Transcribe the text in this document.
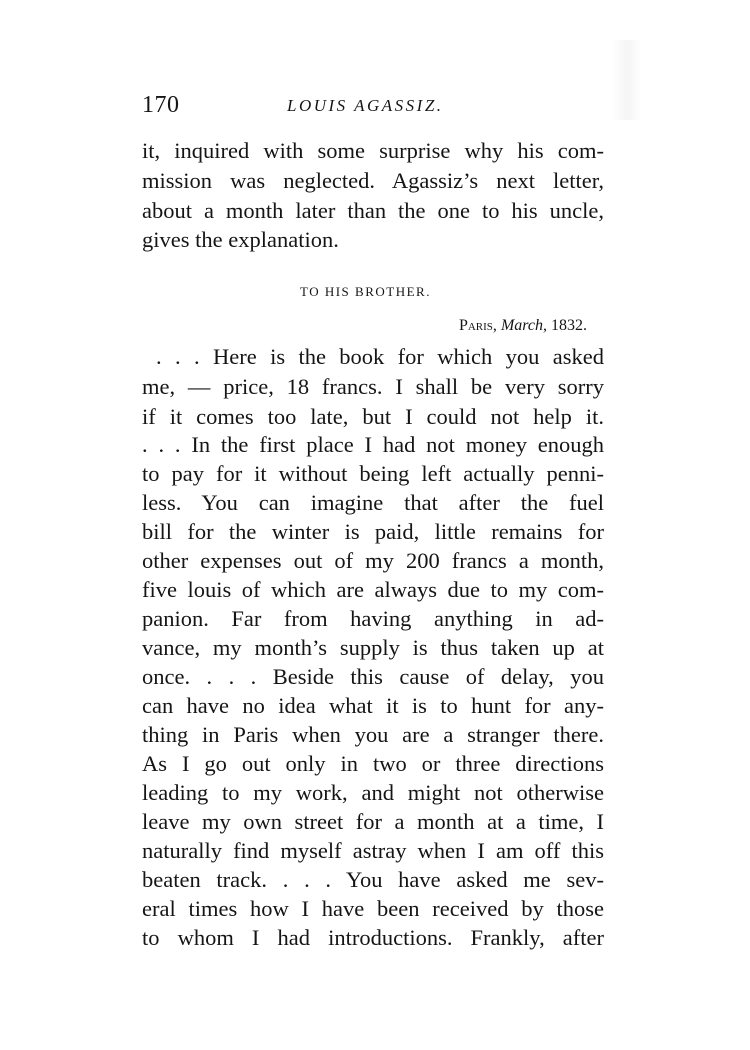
170	LOUIS AGASSIZ.
it, inquired with some surprise why his com-
mission was neglected. Agassiz’s next letter,
about a month later than the one to his uncle,
gives the explanation.
TO HIS BROTHER.
Paris, March, 1832.
. . . Here is the book for which you asked
me, — price, 18 francs. I shall be very sorry
if it comes too late, but I could not help it.
. . . In the first place I had not money enough
to pay for it without being left actually penni-
less. You can imagine that after the fuel
bill for the winter is paid, little remains for
other expenses out of my 200 francs a month,
five louis of which are always due to my com-
panion. Far from having anything in ad-
vance, my month’s supply is thus taken up at
once. . . . Beside this cause of delay, you
can have no idea what it is to hunt for any-
thing in Paris when you are a stranger there.
As I go out only in two or three directions
leading to my work, and might not otherwise
leave my own street for a month at a time, I
naturally find myself astray when I am off this
beaten track. . . . You have asked me sev-
eral times how I have been received by those
to whom I had introductions. Frankly, after
